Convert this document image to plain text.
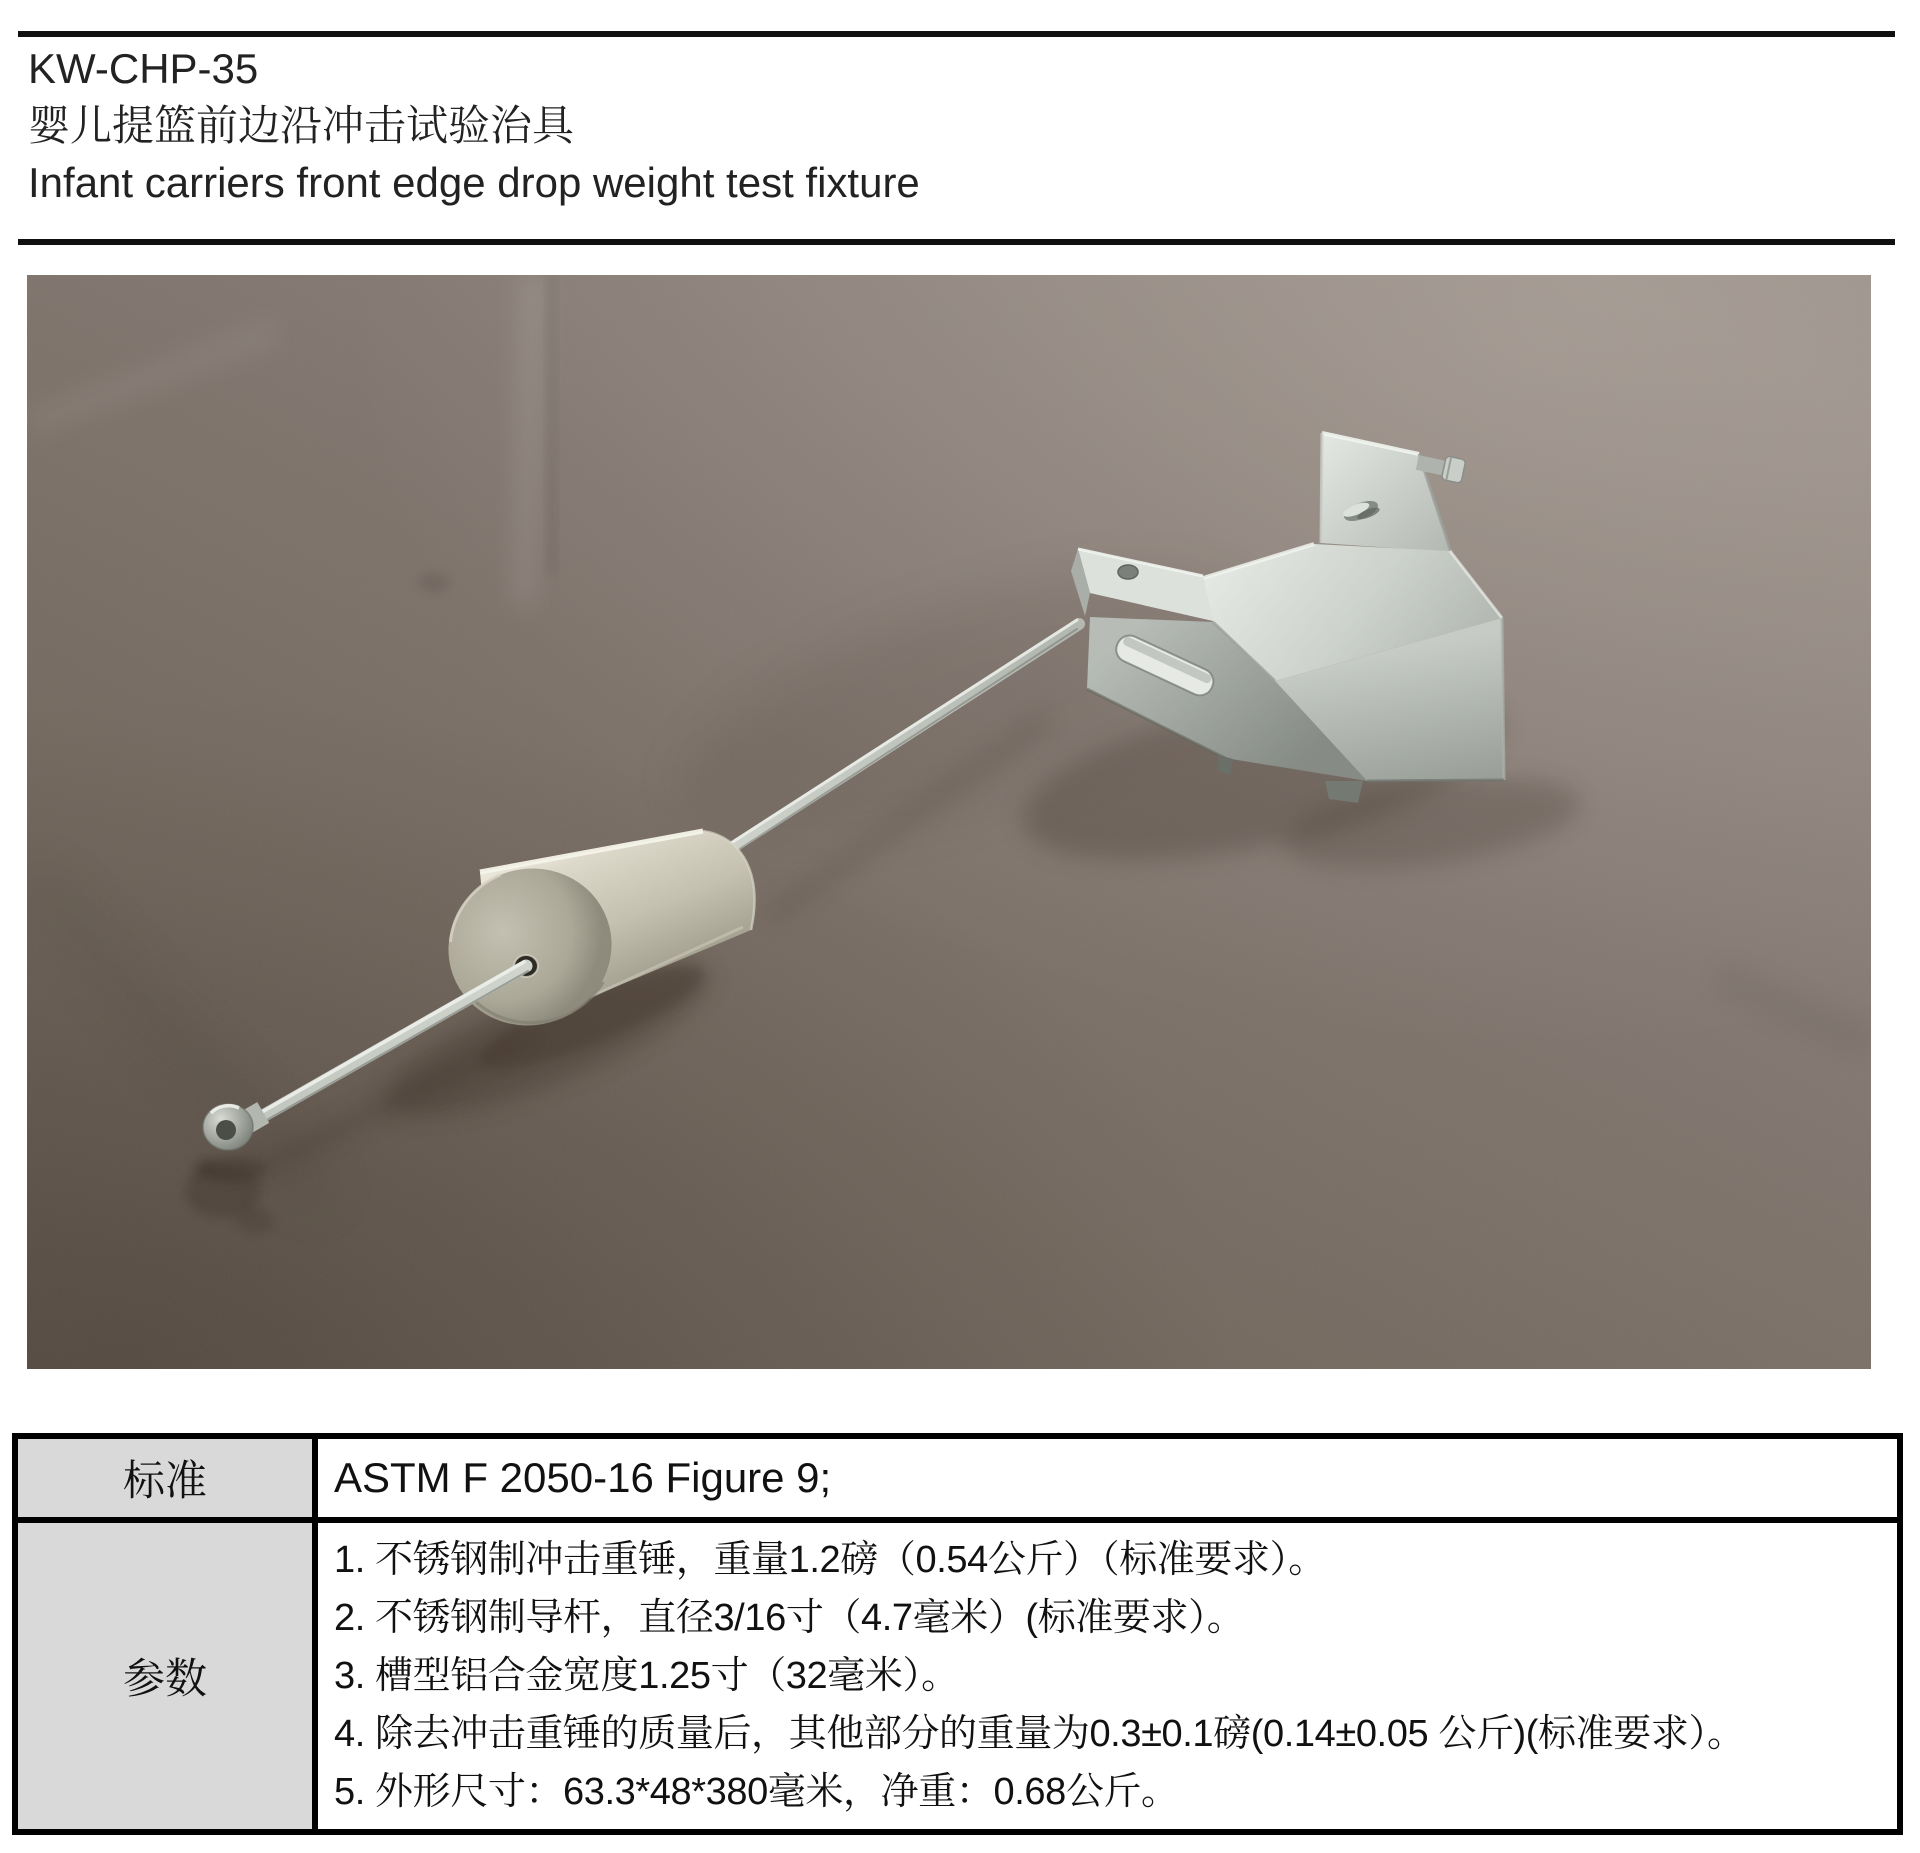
KW-CHP-35
婴儿提篮前边沿冲击试验治具
Infant carriers front edge drop weight test fixture
标准	ASTM F 2050-16 Figure 9;
参数	1. 不锈钢制冲击重锤，重量1.2磅（0.54公斤）（标准要求）。
2. 不锈钢制导杆，直径3/16寸（4.7毫米）(标准要求）。
3. 槽型铝合金宽度1.25寸（32毫米）。
4. 除去冲击重锤的质量后，其他部分的重量为0.3±0.1磅(0.14±0.05 公斤)(标准要求）。
5. 外形尺寸：63.3*48*380毫米，净重：0.68公斤。
